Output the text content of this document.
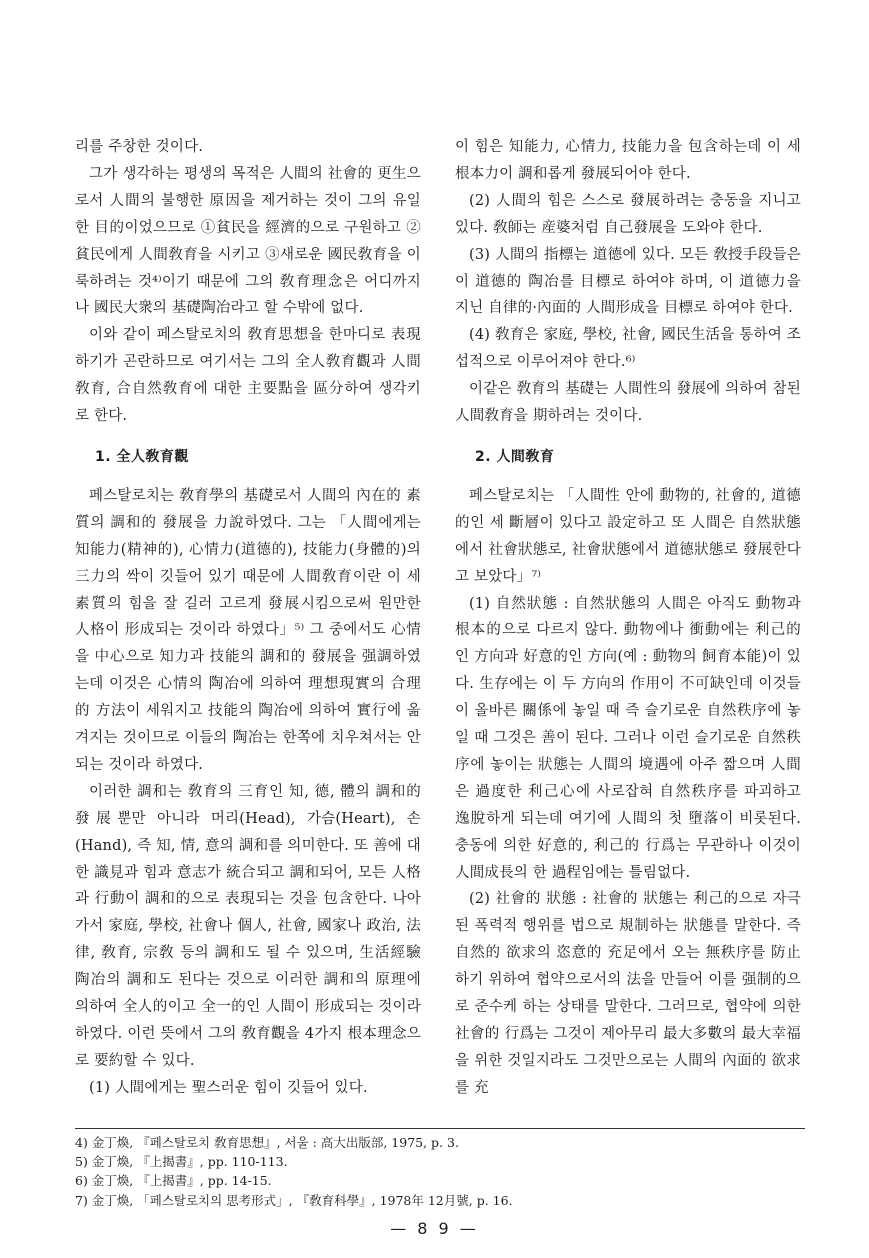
리를 주창한 것이다.

그가 생각하는 평생의 목적은 人間의 社會的 更生으로서 人間의 불행한 原因을 제거하는 것이 그의 유일한 目的이었으므로 ①貧民을 經濟的으로 구원하고 ②貧民에게 人間敎育을 시키고 ③새로운 國民敎育을 이룩하려는 것⁴⁾이기 때문에 그의 敎育理念은 어디까지나 國民大衆의 基礎陶冶라고 할 수밖에 없다.

이와 같이 페스탈로치의 敎育思想을 한마디로 表現하기가 곤란하므로 여기서는 그의 全人敎育觀과 人間敎育, 合自然敎育에 대한 主要點을 區分하여 생각키로 한다.

1. 全人敎育觀

페스탈로치는 敎育學의 基礎로서 人間의 內在的 素質의 調和的 發展을 力說하였다. 그는 「人間에게는 知能力(精神的), 心情力(道德的), 技能力(身體的)의 三力의 싹이 깃들어 있기 때문에 人間敎育이란 이 세 素質의 힘을 잘 길러 고르게 發展시킴으로써 원만한 人格이 形成되는 것이라 하였다」⁵⁾ 그 중에서도 心情을 中心으로 知力과 技能의 調和的 發展을 强調하였는데 이것은 心情의 陶冶에 의하여 理想現實의 合理的 方法이 세워지고 技能의 陶冶에 의하여 實行에 옮겨지는 것이므로 이들의 陶冶는 한쪽에 치우쳐서는 안 되는 것이라 하였다.

이러한 調和는 敎育의 三育인 知, 德, 體의 調和的 發展뿐만 아니라 머리(Head), 가슴(Heart), 손(Hand), 즉 知, 情, 意의 調和를 의미한다. 또 善에 대한 識見과 힘과 意志가 統合되고 調和되어, 모든 人格과 行動이 調和的으로 表現되는 것을 包含한다. 나아가서 家庭, 學校, 社會나 個人, 社會, 國家나 政治, 法律, 敎育, 宗敎 등의 調和도 될 수 있으며, 生活經驗 陶冶의 調和도 된다는 것으로 이러한 調和의 原理에 의하여 全人的이고 全一的인 人間이 形成되는 것이라 하였다. 이런 뜻에서 그의 敎育觀을 4가지 根本理念으로 要約할 수 있다.

(1) 人間에게는 聖스러운 힘이 깃들어 있다.

이 힘은 知能力, 心情力, 技能力을 包含하는데 이 세 根本力이 調和롭게 發展되어야 한다.

(2) 人間의 힘은 스스로 發展하려는 충동을 지니고 있다. 敎師는 産婆처럼 自己發展을 도와야 한다.

(3) 人間의 指標는 道德에 있다. 모든 敎授手段들은 이 道德的 陶冶를 目標로 하여야 하며, 이 道德力을 지닌 自律的·內面的 人間形成을 目標로 하여야 한다.

(4) 敎育은 家庭, 學校, 社會, 國民生活을 통하여 조섭적으로 이루어져야 한다.⁶⁾

이같은 敎育의 基礎는 人間性의 發展에 의하여 참된 人間敎育을 期하려는 것이다.

2. 人間敎育

페스탈로치는 「人間性 안에 動物的, 社會的, 道德的인 세 斷層이 있다고 設定하고 또 人間은 自然狀態에서 社會狀態로, 社會狀態에서 道德狀態로 發展한다고 보았다」⁷⁾

(1) 自然狀態 : 自然狀態의 人間은 아직도 動物과 根本的으로 다르지 않다. 動物에나 衝動에는 利己的인 方向과 好意的인 方向(예 : 動物의 飼育本能)이 있다. 生存에는 이 두 方向의 作用이 不可缺인데 이것들이 올바른 關係에 놓일 때 즉 슬기로운 自然秩序에 놓일 때 그것은 善이 된다. 그러나 이런 슬기로운 自然秩序에 놓이는 狀態는 人間의 境遇에 아주 짧으며 人間은 過度한 利己心에 사로잡혀 自然秩序를 파괴하고 逸脫하게 되는데 여기에 人間의 첫 墮落이 비롯된다. 충동에 의한 好意的, 利己的 行爲는 무관하나 이것이 人間成長의 한 過程임에는 틀림없다.

(2) 社會的 狀態 : 社會的 狀態는 利己的으로 자극된 폭력적 행위를 법으로 規制하는 狀態를 말한다. 즉 自然的 欲求의 恣意的 充足에서 오는 無秩序를 防止하기 위하여 협약으로서의 法을 만들어 이를 强制的으로 준수케 하는 상태를 말한다. 그러므로, 협약에 의한 社會的 行爲는 그것이 제아무리 最大多數의 最大幸福을 위한 것일지라도 그것만으로는 人間의 內面的 欲求를 充

4) 金丁煥, 『페스탈로치 敎育思想』, 서울 : 高大出版部, 1975, p. 3.
5) 金丁煥, 『上揭書』, pp. 110-113.
6) 金丁煥, 『上揭書』, pp. 14-15.
7) 金丁煥, 「페스탈로치의 思考形式」, 『敎育科學』, 1978年 12月號, p. 16.
— 8 9 —
